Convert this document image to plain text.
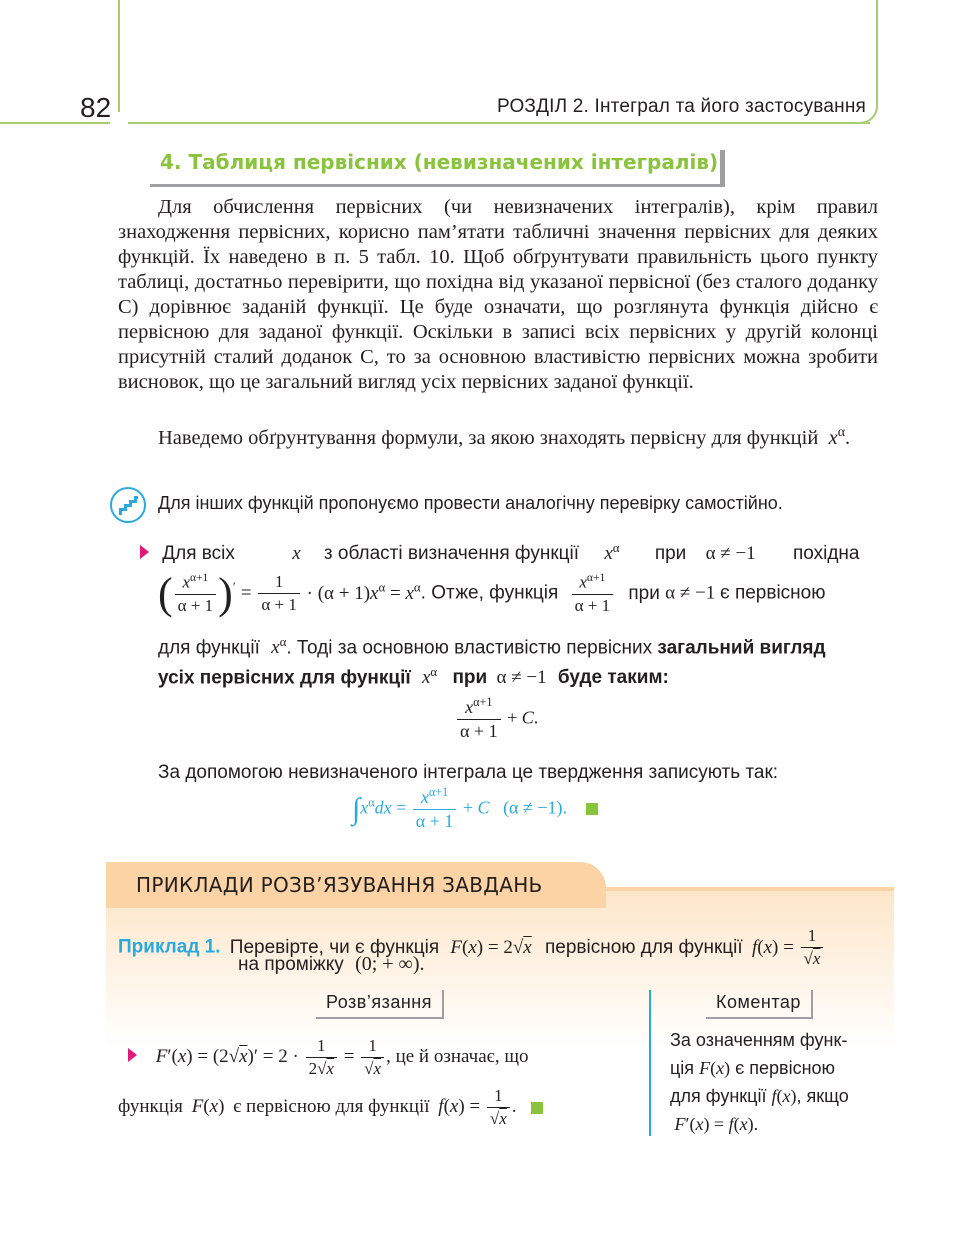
82	РОЗДІЛ 2. Інтеграл та його застосування
4. Таблиця первісних (невизначених інтегралів)

Для обчислення первісних (чи невизначених інтегралів), крім правил знаходження первісних, корисно пам’ятати табличні значення первісних для деяких функцій. Їх наведено в п. 5 табл. 10. Щоб обґрунтувати правильність цього пункту таблиці, достатньо перевірити, що похідна від указаної первісної (без сталого доданку C) дорівнює заданій функції. Це буде означати, що розглянута функція дійсно є первісною для заданої функції. Оскільки в записі всіх первісних у другій колонці присутній сталий доданок C, то за основною властивістю первісних можна зробити висновок, що це загальний вигляд усіх первісних заданої функції.

Наведемо обґрунтування формули, за якою знаходять первісну для функцій $x^\alpha$.

Для інших функцій пропонуємо провести аналогічну перевірку самостійно.
Для всіх	x з області визначення функції $x^\alpha$ при α ≠ −1 похідна
( $\frac{x^{\alpha+1}}{\alpha + 1} )' = \frac{1}{\alpha + 1} \cdot (\alpha + 1)x^\alpha = x^\alpha$. Отже, функція $\frac{x^{\alpha+1}}{\alpha + 1}$ при α ≠ −1 є первісною
для функції $x^\alpha$. Тоді за основною властивістю первісних загальний вигляд
усіх первісних для функції $x^\alpha$ при α ≠ −1 буде таким:
$\frac{x^{\alpha+1}}{\alpha + 1} + C$.
За допомогою невизначеного інтеграла це твердження записують так:
$\int x^\alpha dx = \frac{x^{\alpha+1}}{\alpha + 1} + C$   (α ≠ −1).
ПРИКЛАДИ РОЗВ’ЯЗУВАННЯ ЗАВДАНЬ
Приклад 1. Перевірте, чи є функція F(x) = 2√x первісною для функції $f(x) = \frac{1}{√x}$
на проміжку (0; + ∞).
Розв’язання	Коментар
$F'(x) = (2√x)' = 2 \cdot \frac{1}{2√x} = \frac{1}{√x}$ , це й означає, що
функція F(x) є первісною для функції $f(x) = \frac{1}{√x}$ .
За означенням функ-
ція F(x) є первісною
для функції f(x), якщо
F′(x) = f(x).
